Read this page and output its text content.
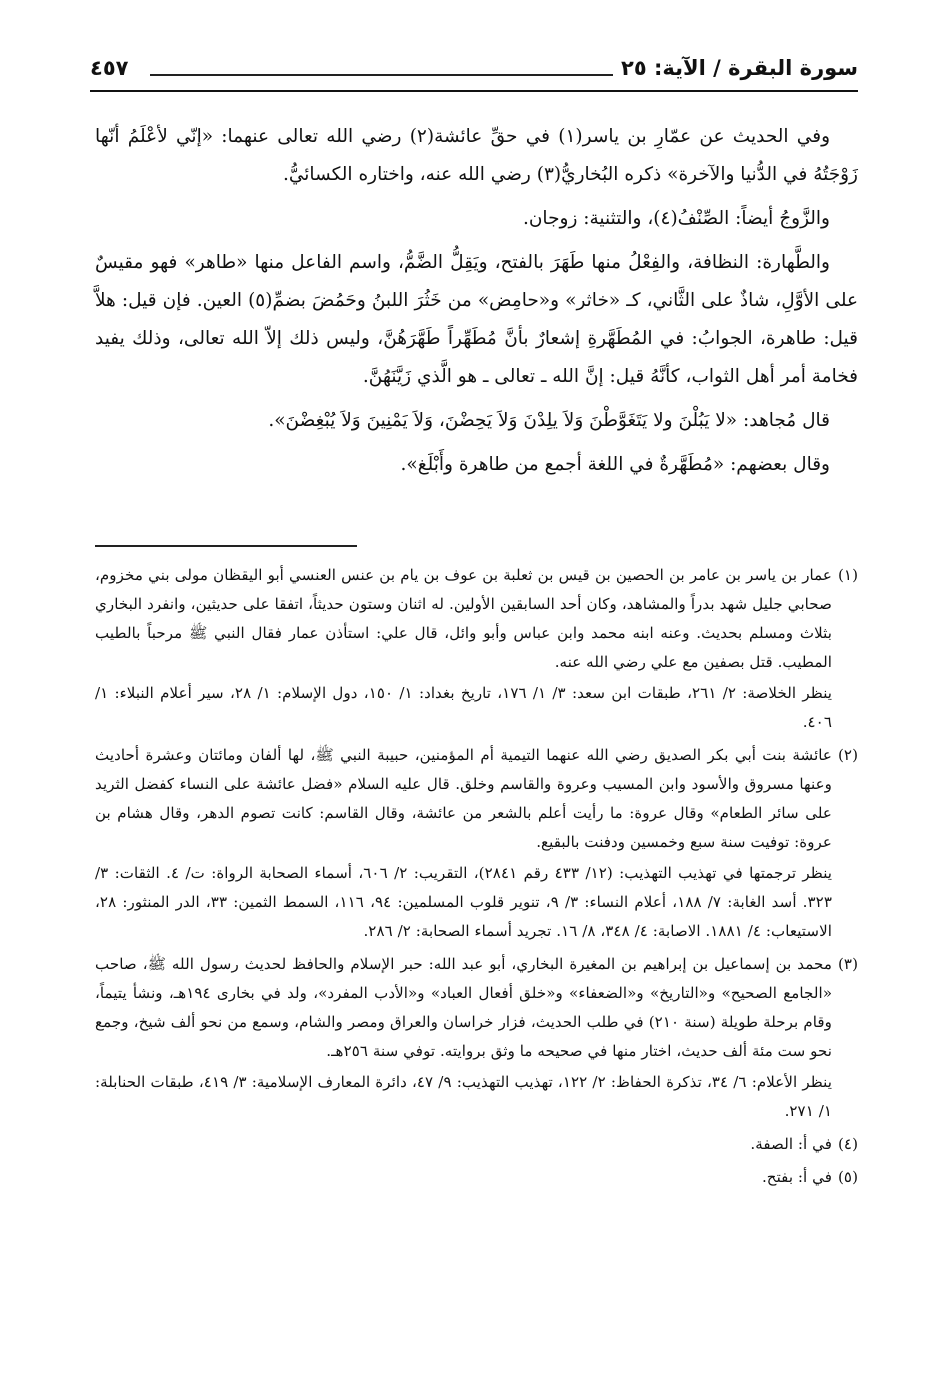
سورة البقرة / الآية: ٢٥
٤٥٧

وفي الحديث عن عمّارِ بن ياسر(١) في حقِّ عائشة(٢) رضي الله تعالى عنهما: «إنّي لأعْلَمُ أنّها زَوْجَتُهُ في الدُّنيا والآخرة» ذكره البُخاريُّ(٣) رضي الله عنه، واختاره الكسائيُّ.

والزَّوجُ أيضاً: الصِّنْفُ(٤)، والتثنية: زوجان.

والطَّهارة: النظافة، والفِعْلُ منها طَهَرَ بالفتح، ويَقِلُّ الضَّمُّ، واسم الفاعل منها «طاهر» فهو مقيسٌ على الأوَّلِ، شاذٌ على الثَّاني، كـ «خاثر» و«حامِض» من خَثُرَ اللبنُ وحَمُضَ بضمِّ(٥) العين. فإن قيل: هلاَّ قيل: طاهرة، الجوابُ: في المُطَهَّرةِ إشعارٌ بأنَّ مُطَهِّراً طَهَّرَهُنَّ، وليس ذلك إلاّ الله تعالى، وذلك يفيد فخامة أمر أهل الثواب، كأنَّهُ قيل: إنَّ الله ـ تعالى ـ هو الَّذي زَيَّنَهُنَّ.

قال مُجاهد: «لا يَبُلْنَ ولا يَتَغَوَّطْنَ وَلاَ يلِدْنَ وَلاَ يَحِضْنَ، وَلاَ يَمْنِينَ وَلاَ يُبْغِضْنَ».

وقال بعضهم: «مُطَهَّرةٌ في اللغة أجمع من طاهرة وأَبْلَغ».

(١)

عمار بن ياسر بن عامر بن الحصين بن قيس بن ثعلبة بن عوف بن يام بن عنس العنسي أبو اليقظان مولى بني مخزوم، صحابي جليل شهد بدراً والمشاهد، وكان أحد السابقين الأولين. له اثنان وستون حديثاً، اتفقا على حديثين، وانفرد البخاري بثلاث ومسلم بحديث. وعنه ابنه محمد وابن عباس وأبو وائل، قال علي: استأذن عمار فقال النبي ﷺ مرحباً بالطيب المطيب. قتل بصفين مع علي رضي الله عنه.

ينظر الخلاصة: ٢/ ٢٦١، طبقات ابن سعد: ٣/ ١/ ١٧٦، تاريخ بغداد: ١/ ١٥٠، دول الإسلام: ١/ ٢٨، سير أعلام النبلاء: ١/ ٤٠٦.

(٢)

عائشة بنت أبي بكر الصديق رضي الله عنهما التيمية أم المؤمنين، حبيبة النبي ﷺ، لها ألفان ومائتان وعشرة أحاديث وعنها مسروق والأسود وابن المسيب وعروة والقاسم وخلق. قال عليه السلام «فضل عائشة على النساء كفضل الثريد على سائر الطعام» وقال عروة: ما رأيت أعلم بالشعر من عائشة، وقال القاسم: كانت تصوم الدهر، وقال هشام بن عروة: توفيت سنة سبع وخمسين ودفنت بالبقيع.

ينظر ترجمتها في تهذيب التهذيب: (١٢/ ٤٣٣ رقم ٢٨٤١)، التقريب: ٢/ ٦٠٦، أسماء الصحابة الرواة: ت/ ٤. الثقات: ٣/ ٣٢٣. أسد الغابة: ٧/ ١٨٨، أعلام النساء: ٣/ ٩، تنوير قلوب المسلمين: ٩٤، ١١٦، السمط الثمين: ٣٣، الدر المنثور: ٢٨، الاستيعاب: ٤/ ١٨٨١. الاصابة: ٤/ ٣٤٨، ٨/ ١٦. تجريد أسماء الصحابة: ٢/ ٢٨٦.

(٣)

محمد بن إسماعيل بن إبراهيم بن المغيرة البخاري، أبو عبد الله: حبر الإسلام والحافظ لحديث رسول الله ﷺ، صاحب «الجامع الصحيح» و«التاريخ» و«الضعفاء» و«خلق أفعال العباد» و«الأدب المفرد»، ولد في بخارى ١٩٤هـ، ونشأ يتيماً، وقام برحلة طويلة (سنة ٢١٠) في طلب الحديث، فزار خراسان والعراق ومصر والشام، وسمع من نحو ألف شيخ، وجمع نحو ست مئة ألف حديث، اختار منها في صحيحه ما وثق بروايته. توفي سنة ٢٥٦هـ.

ينظر الأعلام: ٦/ ٣٤، تذكرة الحفاظ: ٢/ ١٢٢، تهذيب التهذيب: ٩/ ٤٧، دائرة المعارف الإسلامية: ٣/ ٤١٩، طبقات الحنابلة: ١/ ٢٧١.

(٤)

في أ: الصفة.

(٥)

في أ: بفتح.
